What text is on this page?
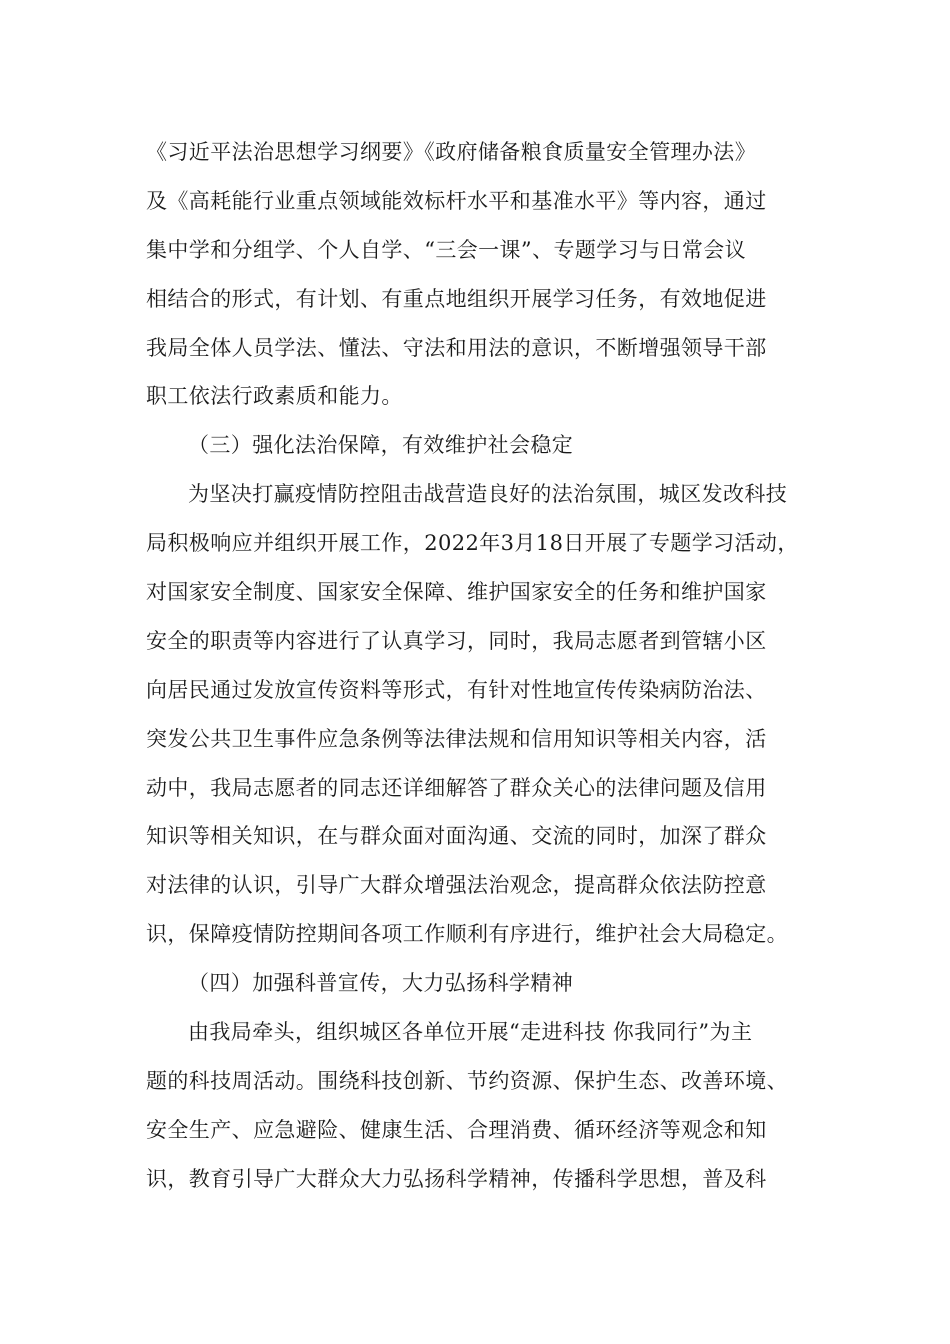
《习近平法治思想学习纲要》《政府储备粮食质量安全管理办法》
及《高耗能行业重点领域能效标杆水平和基准水平》等内容，通过
集中学和分组学、个人自学、“三会一课”、专题学习与日常会议
相结合的形式，有计划、有重点地组织开展学习任务，有效地促进
我局全体人员学法、懂法、守法和用法的意识，不断增强领导干部
职工依法行政素质和能力。
（三）强化法治保障，有效维护社会稳定
为坚决打赢疫情防控阻击战营造良好的法治氛围，城区发改科技
局积极响应并组织开展工作，2022年3月18日开展了专题学习活动，
对国家安全制度、国家安全保障、维护国家安全的任务和维护国家
安全的职责等内容进行了认真学习，同时，我局志愿者到管辖小区
向居民通过发放宣传资料等形式，有针对性地宣传传染病防治法、
突发公共卫生事件应急条例等法律法规和信用知识等相关内容，活
动中，我局志愿者的同志还详细解答了群众关心的法律问题及信用
知识等相关知识，在与群众面对面沟通、交流的同时，加深了群众
对法律的认识，引导广大群众增强法治观念，提高群众依法防控意
识，保障疫情防控期间各项工作顺利有序进行，维护社会大局稳定。
（四）加强科普宣传，大力弘扬科学精神
由我局牵头，组织城区各单位开展“走进科技 你我同行”为主
题的科技周活动。围绕科技创新、节约资源、保护生态、改善环境、
安全生产、应急避险、健康生活、合理消费、循环经济等观念和知
识，教育引导广大群众大力弘扬科学精神，传播科学思想，普及科
